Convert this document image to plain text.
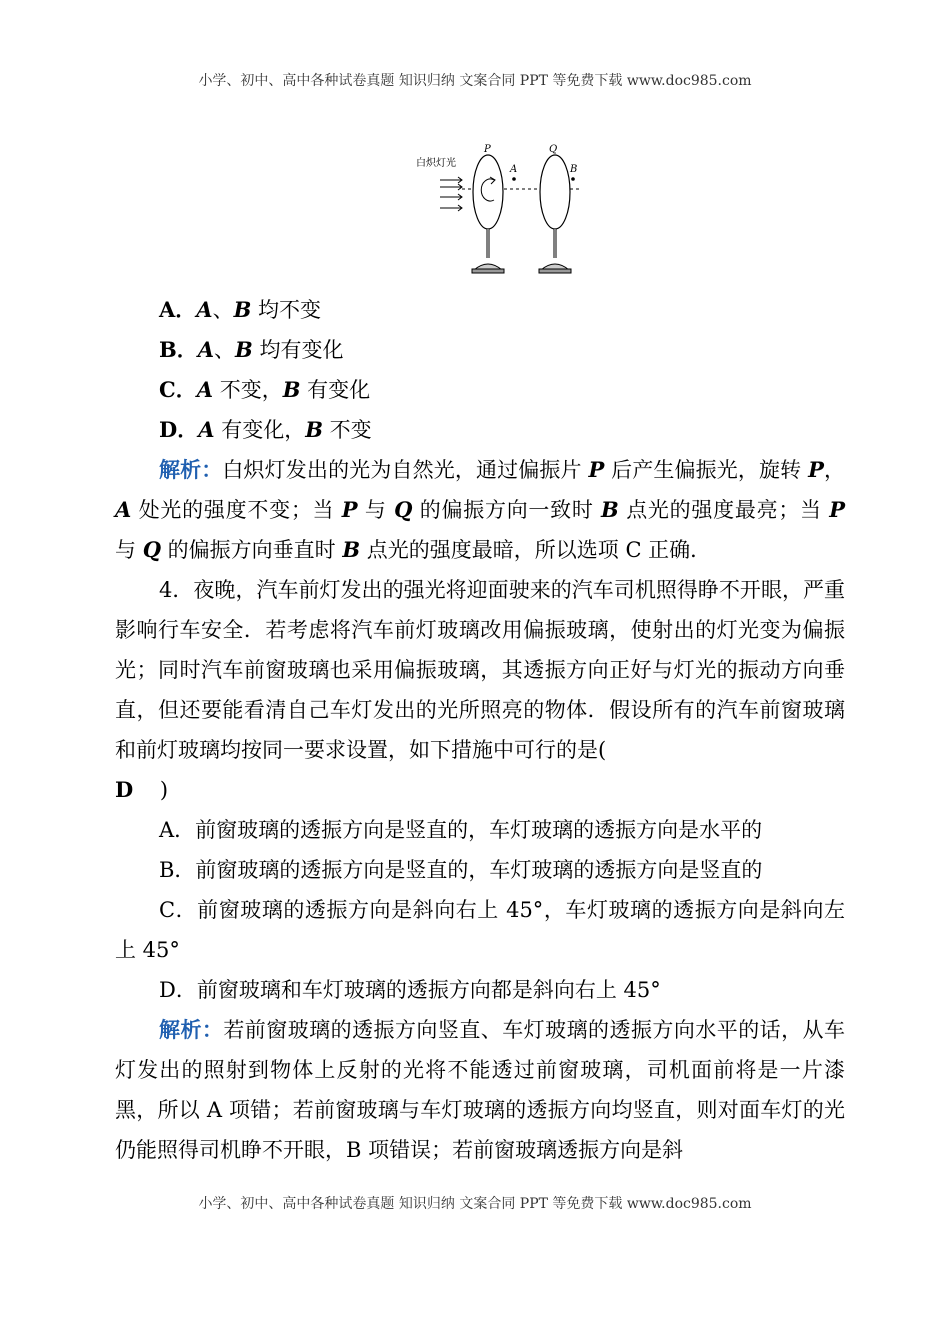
小学、初中、高中各种试卷真题 知识归纳 文案合同 PPT 等免费下载 www.doc985.com
白炽灯光
P	Q
A	B
A．A、B 均不变
B．A、B 均有变化
C．A 不变，B 有变化
D．A 有变化，B 不变
解析：白炽灯发出的光为自然光，通过偏振片 P 后产生偏振光，旋转 P，A 处光的强度不变；当 P 与 Q 的偏振方向一致时 B 点光的强度最亮；当 P 与 Q 的偏振方向垂直时 B 点光的强度最暗，所以选项 C 正确．
4．夜晚，汽车前灯发出的强光将迎面驶来的汽车司机照得睁不开眼，严重影响行车安全．若考虑将汽车前灯玻璃改用偏振玻璃，使射出的灯光变为偏振光；同时汽车前窗玻璃也采用偏振玻璃，其透振方向正好与灯光的振动方向垂直，但还要能看清自己车灯发出的光所照亮的物体．假设所有的汽车前窗玻璃和前灯玻璃均按同一要求设置，如下措施中可行的是(
D    )
A．前窗玻璃的透振方向是竖直的，车灯玻璃的透振方向是水平的
B．前窗玻璃的透振方向是竖直的，车灯玻璃的透振方向是竖直的
C．前窗玻璃的透振方向是斜向右上 45°，车灯玻璃的透振方向是斜向左上 45°
D．前窗玻璃和车灯玻璃的透振方向都是斜向右上 45°
解析：若前窗玻璃的透振方向竖直、车灯玻璃的透振方向水平的话，从车灯发出的照射到物体上反射的光将不能透过前窗玻璃，司机面前将是一片漆黑，所以 A 项错；若前窗玻璃与车灯玻璃的透振方向均竖直，则对面车灯的光仍能照得司机睁不开眼，B 项错误；若前窗玻璃透振方向是斜
小学、初中、高中各种试卷真题 知识归纳 文案合同 PPT 等免费下载 www.doc985.com
